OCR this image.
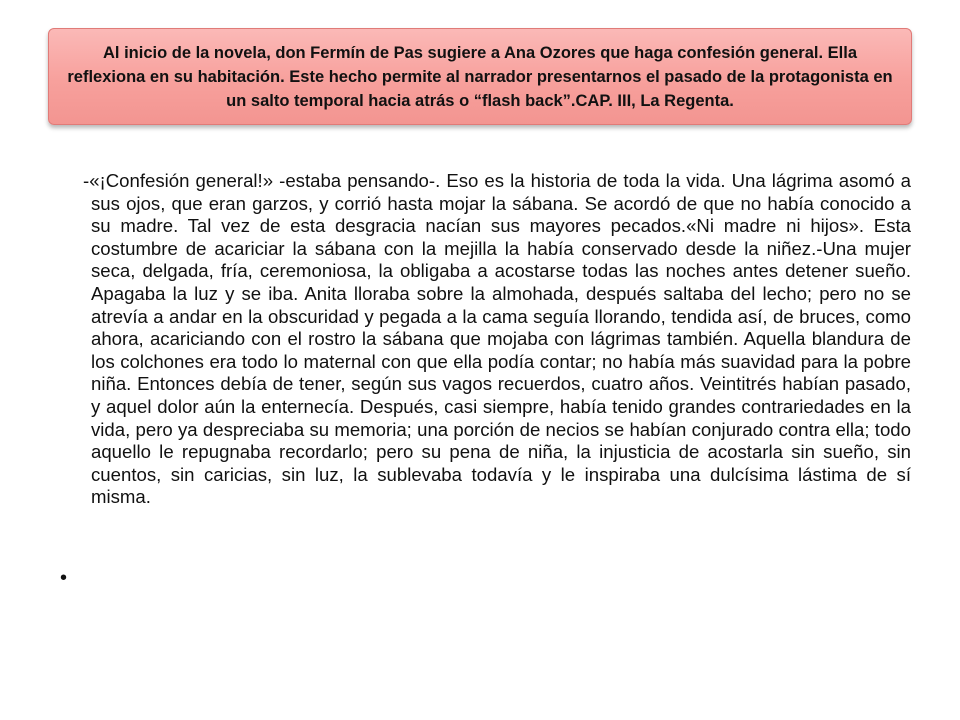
Al inicio de la novela, don Fermín de Pas sugiere a Ana Ozores que haga confesión general. Ella reflexiona en su habitación. Este hecho permite al narrador presentarnos el pasado de la protagonista en un salto temporal hacia atrás o “flash back”.CAP. III, La Regenta.

-«¡Confesión general!» -estaba pensando-. Eso es la historia de toda la vida. Una lágrima asomó a sus ojos, que eran garzos, y corrió hasta mojar la sábana. Se acordó de que no había conocido a su madre. Tal vez de esta desgracia nacían sus mayores pecados.«Ni madre ni hijos». Esta costumbre de acariciar la sábana con la mejilla la había conservado desde la niñez.-Una mujer seca, delgada, fría, ceremoniosa, la obligaba a acostarse todas las noches antes detener sueño. Apagaba la luz y se iba. Anita lloraba sobre la almohada, después saltaba del lecho; pero no se atrevía a andar en la obscuridad y pegada a la cama seguía llorando, tendida así, de bruces, como ahora, acariciando con el rostro la sábana que mojaba con lágrimas también. Aquella blandura de los colchones era todo lo maternal con que ella podía contar; no había más suavidad para la pobre niña. Entonces debía de tener, según sus vagos recuerdos, cuatro años. Veintitrés habían pasado, y aquel dolor aún la enternecía. Después, casi siempre, había tenido grandes contrariedades en la vida, pero ya despreciaba su memoria; una porción de necios se habían conjurado contra ella; todo aquello le repugnaba recordarlo; pero su pena de niña, la injusticia de acostarla sin sueño, sin cuentos, sin caricias, sin luz, la sublevaba todavía y le inspiraba una dulcísima lástima de sí misma.

•
